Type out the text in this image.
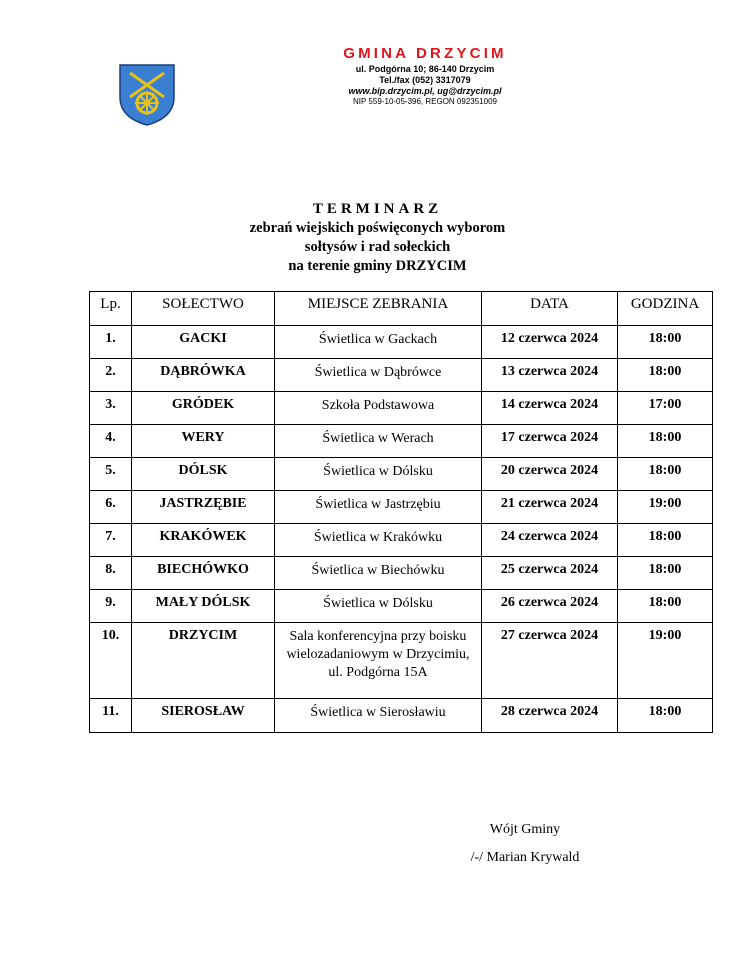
GMINA DRZYCIM
ul. Podgórna 10; 86-140 Drzycim
Tel./fax (052) 3317079
www.bip.drzycim.pl, ug@drzycim.pl
NIP 559-10-05-396, REGON 092351009
TERMINARZ
zebrań wiejskich poświęconych wyborom
sołtysów i rad sołeckich
na terenie gminy DRZYCIM
Lp.	SOŁECTWO	MIEJSCE ZEBRANIA	DATA	GODZINA
1.	GACKI	Świetlica w Gackach	12 czerwca 2024	18:00
2.	DĄBRÓWKA	Świetlica w Dąbrówce	13 czerwca 2024	18:00
3.	GRÓDEK	Szkoła Podstawowa	14 czerwca 2024	17:00
4.	WERY	Świetlica w Werach	17 czerwca 2024	18:00
5.	DÓLSK	Świetlica w Dólsku	20 czerwca 2024	18:00
6.	JASTRZĘBIE	Świetlica w Jastrzębiu	21 czerwca 2024	19:00
7.	KRAKÓWEK	Świetlica w Krakówku	24 czerwca 2024	18:00
8.	BIECHÓWKO	Świetlica w Biechówku	25 czerwca 2024	18:00
9.	MAŁY DÓLSK	Świetlica w Dólsku	26 czerwca 2024	18:00
10.	DRZYCIM	Sala konferencyjna przy boisku wielozadaniowym w Drzycimiu, ul. Podgórna 15A	27 czerwca 2024	19:00
11.	SIEROSŁAW	Świetlica w Sierosławiu	28 czerwca 2024	18:00
Wójt Gminy
/-/ Marian Krywald
